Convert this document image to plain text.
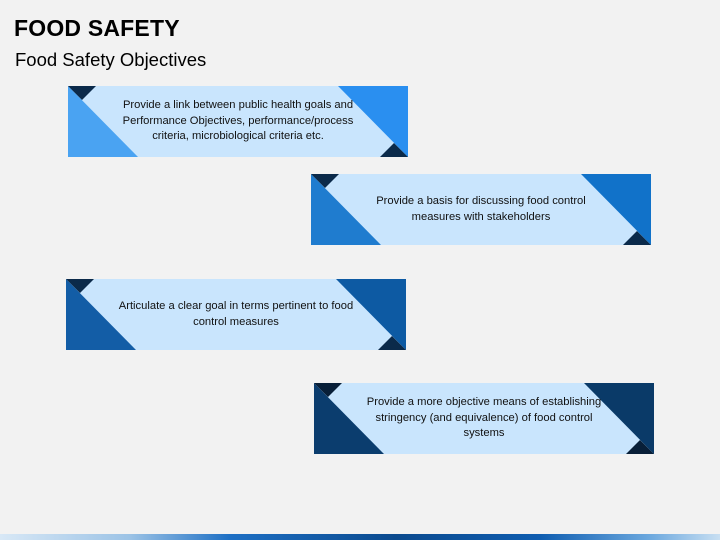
FOOD SAFETY
Food Safety Objectives
Provide a link between public health goals and Performance Objectives, performance/process criteria, microbiological criteria etc.
Provide a basis for discussing food control measures with stakeholders
Articulate a clear goal in terms pertinent to food control measures
Provide a more objective means of establishing stringency (and equivalence) of food control systems
